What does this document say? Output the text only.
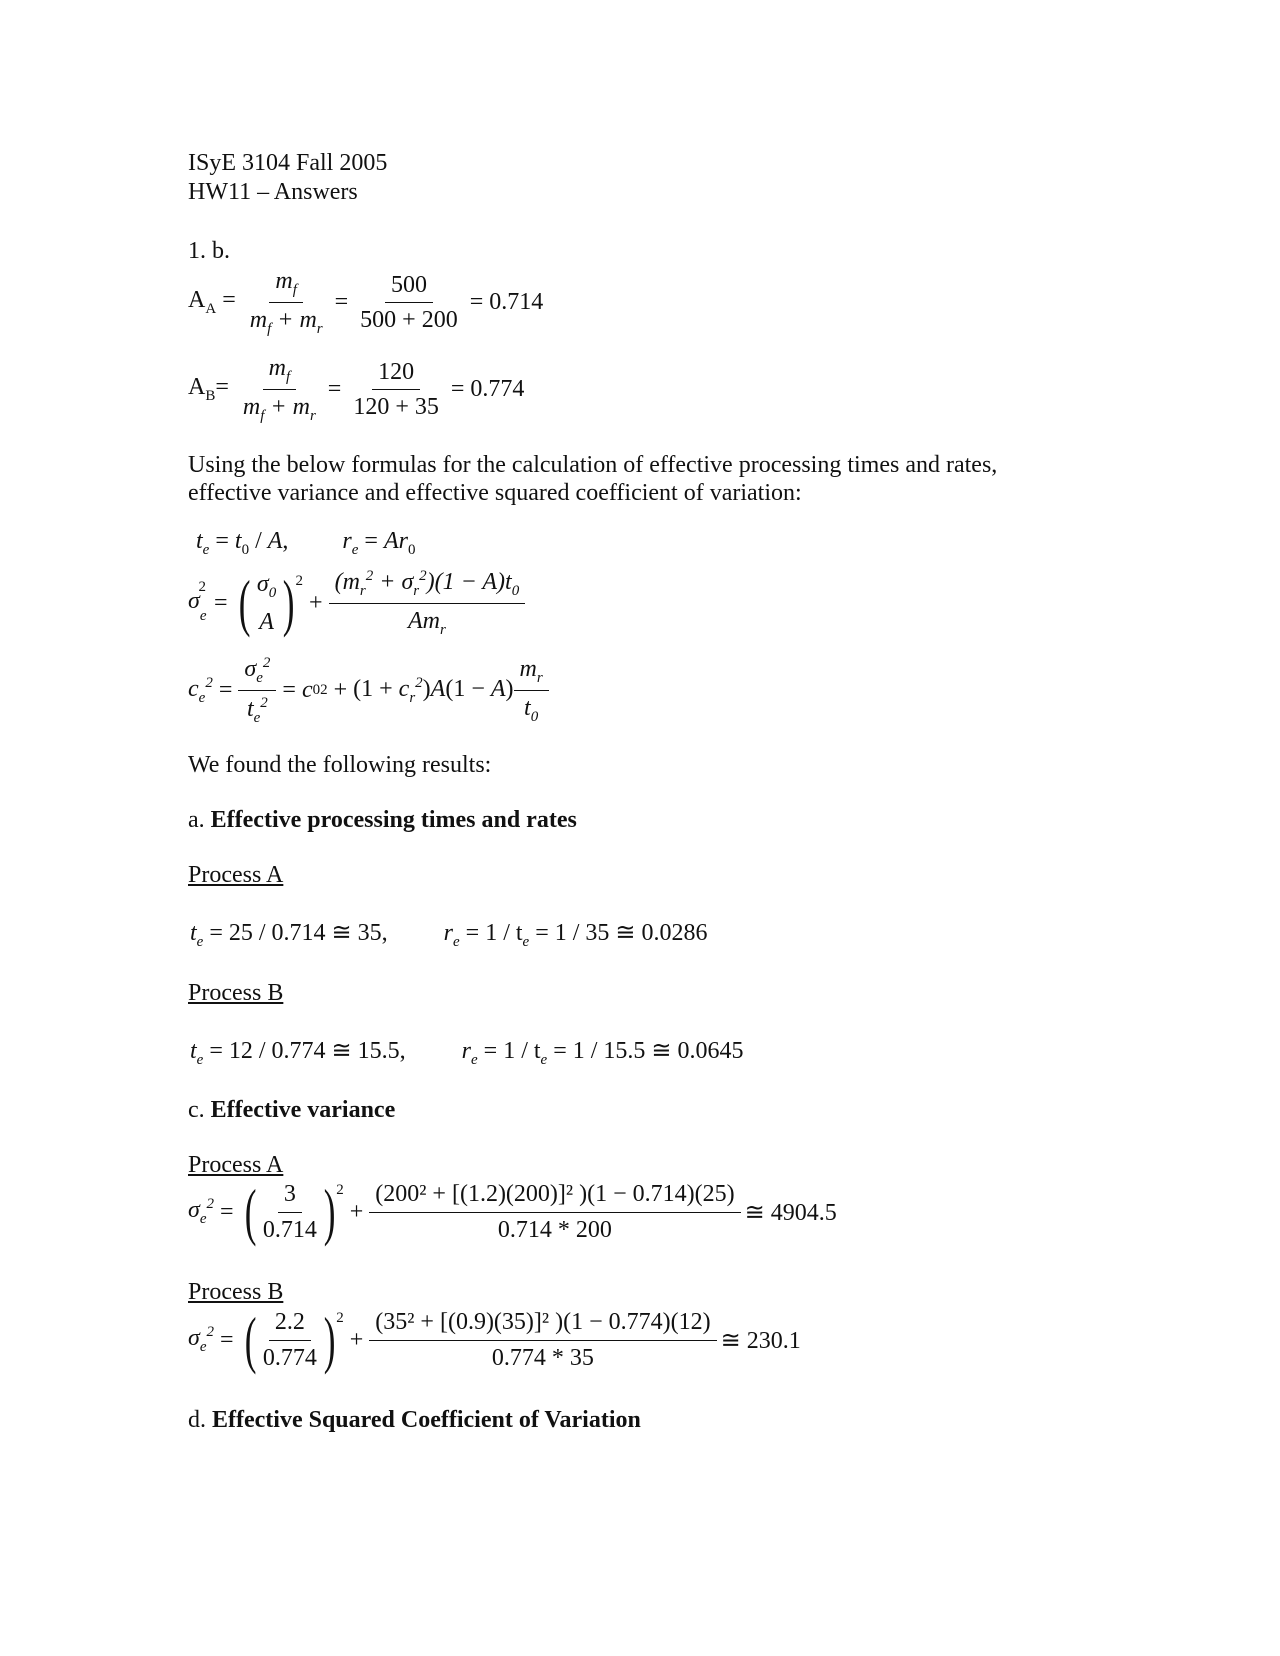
ISyE 3104 Fall 2005
HW11 – Answers
1. b.
$A_A = \frac{m_f}{m_f + m_r} = \frac{500}{500 + 200} = 0.714$
$A_B= \frac{m_f}{m_f + m_r} = \frac{120}{120 + 35} = 0.774$
Using the below formulas for the calculation of effective processing times and rates,
effective variance and effective squared coefficient of variation:
$t_e = t_0 / A$,  $r_e = Ar_0$
$\sigma_e^2$
= ( $\sigma_0$
A )$^2$
+ $\frac{(m_r^2 + \sigma_r^2)(1 - A)t_0}{Am_r}$
$c_e^2 = \frac{\sigma_e^2}{t_e^2} = c$ 0 $2 + (1 + c_r^2)A(1 - A) \frac{m_r}{t_0}$
We found the following results:
a. Effective processing times and rates
Process A
$t_e = 25 / 0.714$ ≅ 35, $r_e = 1 / t_e = 1 / 35$ ≅ 0.0286
Process B
$t_e = 12 / 0.774$ ≅ 15.5, $r_e = 1 / t_e = 1 / 15.5$ ≅ 0.0645
c. Effective variance
Process A
$\sigma_e^2$ = ( $\frac{3}{0.714} )^2$
+ $\frac{\text{(200² + [(1.2)(200)]² )(1 − 0.714)(25)}}{0.714 * 200}$ ≅ 4904.5
Process B
$\sigma_e^2$ = ( $\frac{2.2}{0.774} )^2$
+ $\frac{\text{(35² + [(0.9)(35)]² )(1 − 0.774)(12)}}{0.774 * 35}$ ≅ 230.1
d. Effective Squared Coefficient of Variation
